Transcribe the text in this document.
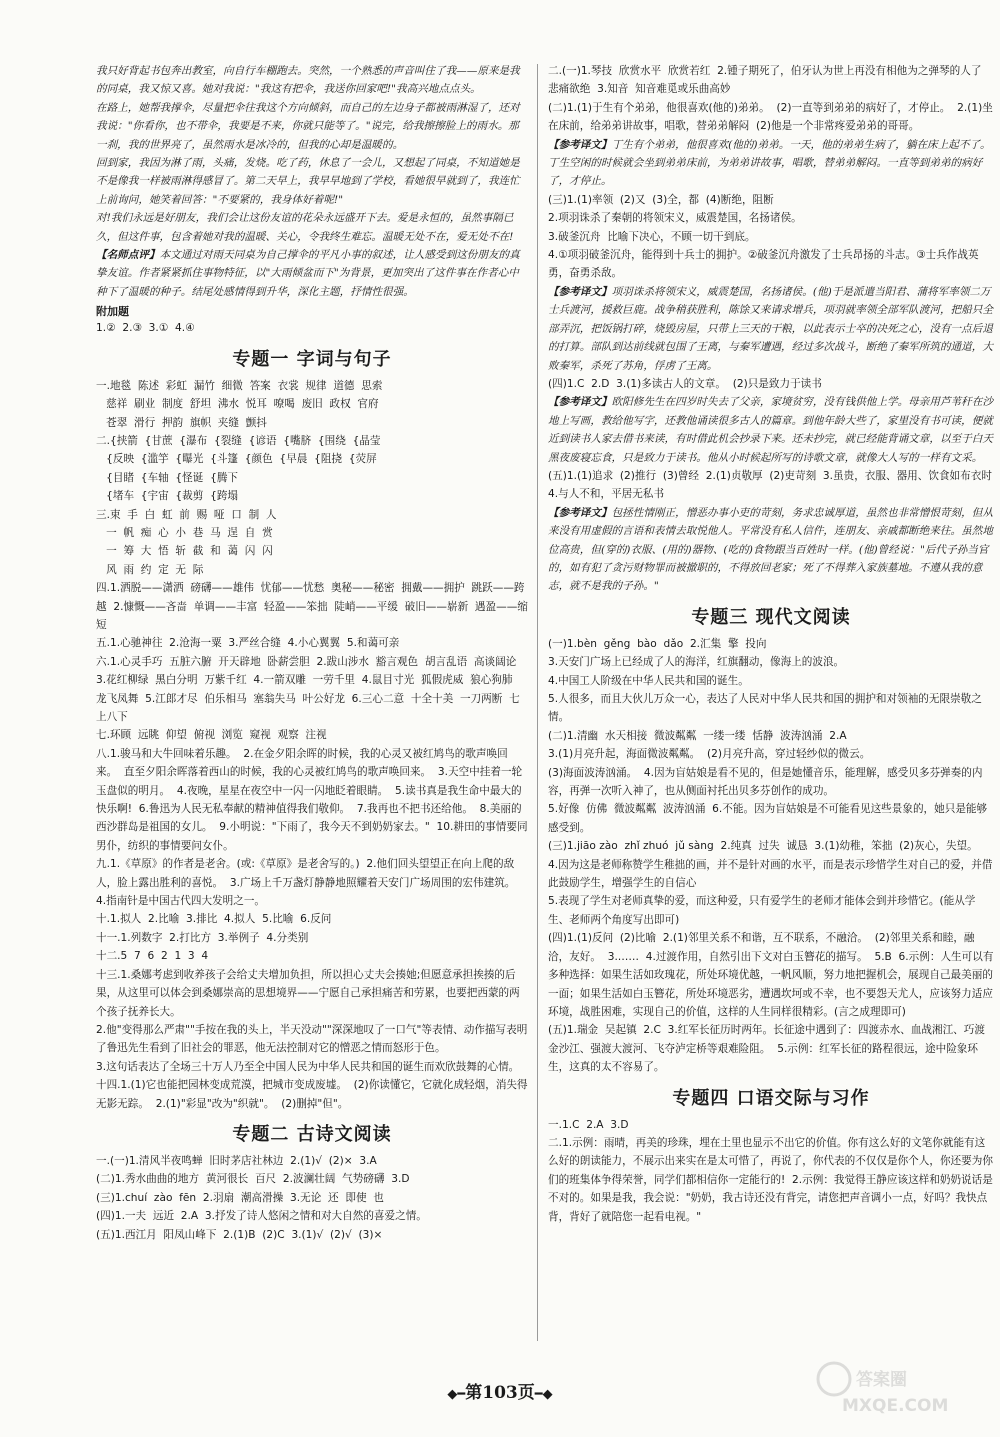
我只好背起书包奔出教室，向自行车棚跑去。突然，一个熟悉的声音叫住了我——原来是我的同桌，我又惊又喜。她对我说："我这有把伞，我送你回家吧!"我高兴地点点头。

在路上，她帮我撑伞，尽量把伞往我这个方向倾斜，而自己的左边身子都被雨淋湿了，还对我说："你看你，也不带伞，我要是不来，你就只能等了。"说完，给我擦擦脸上的雨水。那一刹，我的世界亮了，虽然雨水是冰冷的，但我的心却是温暖的。

回到家，我因为淋了雨，头痛，发烧。吃了药，休息了一会儿，又想起了同桌，不知道她是不是像我一样被雨淋得感冒了。第二天早上，我早早地到了学校，看她很早就到了，我连忙上前询问，她笑着回答："不要紧的，我身体好着呢!"

对!我们永远是好朋友，我们会让这份友谊的花朵永远盛开下去。爱是永恒的，虽然事隔已久，但这件事，包含着她对我的温暖、关心，令我终生难忘。温暖无处不在，爱无处不在!

【名师点评】本文通过对雨天同桌为自己撑伞的平凡小事的叙述，让人感受到这份朋友的真挚友谊。作者紧紧抓住事物特征，以"大雨倾盆而下"为背景，更加突出了这件事在作者心中种下了温暖的种子。结尾处感情得到升华，深化主题，抒情性很强。

附加题

1.②  2.③  3.①  4.④

专题一 字词与句子

一.地毯  陈述  彩虹  漏竹  细微  答案  衣裳  规律  道德  思索

慈祥  刷业  制度  舒坦  沸水  悦耳  嘹喝  废旧  政权  官府

苍翠  滑行  押韵  旗帜  夹缝  颤抖

二.{挟箭  {甘蔗  {瀑布  {裂缝  {谚语  {嘴脐  {围绕  {晶莹

{反映  {滥竽  {曝光  {斗篷  {颜色  {早晨  {阻挠  {荧屏

{目睹  {车轴  {怪诞  {腾下

{堵车  {宇宙  {裁剪  {跨塌

三.束  手  白  虹  前  赐  哑  口  制  人

一  帆  痴  心  小  巷  马  逞  自  赏

一  筹  大  悟  斩  截  和  蔼  闪  闪

风  雨  约  定  无  际

四.1.洒脱——潇洒  磅礴——雄伟  忧郁——忧愁  奥秘——秘密  拥戴——拥护  跳跃——跨越  2.慷慨——吝啬  单调——丰富  轻盈——笨拙  陡峭——平缓  破旧——崭新  遇盈——缩短

五.1.心驰神往  2.沧海一粟  3.严丝合缝  4.小心翼翼  5.和蔼可亲

六.1.心灵手巧  五脏六腑  开天辟地  卧薪尝胆  2.跋山涉水  豁言观色  胡言乱语  高谈阔论  3.花红柳绿  黑白分明  万紫千红  4.一箭双雕  一劳千里  4.鼠目寸光  狐假虎威  狼心狗肺  龙飞凤舞  5.江郎才尽  伯乐相马  塞翁失马  叶公好龙  6.三心二意  十全十美  一刀两断  七上八下

七.环顾  远眺  仰望  俯视  浏览  窥视  观察  注视

八.1.骏马和大牛回味着乐趣。  2.在金夕阳余晖的时候，我的心灵又被红鸠鸟的歌声唤回来。  直至夕阳余晖落着西山的时候，我的心灵被红鸠鸟的歌声唤回来。  3.天空中挂着一轮玉盘似的明月。  4.夜晚，星星在夜空中一闪一闪地眨着眼睛。  5.读书真是我生命中最大的快乐啊!  6.鲁迅为人民无私奉献的精神值得我们敬仰。  7.我再也不把书还给他。  8.美丽的西沙群岛是祖国的女儿。  9.小明说："下雨了，我今天不到奶奶家去。"  10.耕田的事情要同男仆，纺织的事情要问女仆。

九.1.《草原》的作者是老舍。(或:《草原》是老舍写的。)  2.他们回头望望正在向上爬的敌人，脸上露出胜利的喜悦。  3.广场上千万盏灯静静地照耀着天安门广场周围的宏伟建筑。  4.指南针是中国古代四大发明之一。

十.1.拟人  2.比喻  3.排比  4.拟人  5.比喻  6.反问

十一.1.列数字  2.打比方  3.举例子  4.分类别

十二.5  7  6  2  1  3  4

十三.1.桑娜考虑到收养孩子会给丈夫增加负担，所以担心丈夫会揍她;但愿意承担挨揍的后果，从这里可以体会到桑娜崇高的思想境界——宁愿自己承担痛苦和劳累，也要把西蒙的两个孩子抚养长大。

2.他"变得那么严肃""手按在我的头上，半天没动""深深地叹了一口气"等表情、动作描写表明了鲁迅先生看到了旧社会的罪恶，他无法控制对它的憎恶之情而怒形于色。

3.这句话表达了全场三十万人乃至全中国人民为中华人民共和国的诞生而欢欣鼓舞的心情。

十四.1.(1)它也能把园林变成荒漠，把城市变成废墟。  (2)你读懂它，它就化成轻烟，消失得无影无踪。  2.(1)"彩显"改为"织就"。  (2)删掉"但"。

专题二 古诗文阅读

一.(一)1.清风半夜鸣蝉  旧时茅店社林边  2.(1)√  (2)×  3.A

(二)1.秀水曲曲的地方  黄河很长  百尺  2.波澜壮阔  气势磅礴  3.D

(三)1.chuí  zào  fēn  2.羽扇  潮高滑操  3.无论  还  即使  也

(四)1.一夫  远近  2.A  3.抒发了诗人悠闲之情和对大自然的喜爱之情。

(五)1.西江月  阳凤山峰下  2.(1)B  (2)C  3.(1)√  (2)√  (3)×

二.(一)1.琴技  欣赏水平  欣赏若红  2.锺子期死了，伯牙认为世上再没有相他为之弹琴的人了  悲痛欲绝  3.知音  知音难觅或乐曲高妙

(二)1.(1)于生有个弟弟，他很喜欢(他的)弟弟。  (2)一直等到弟弟的病好了，才停止。  2.(1)坐在床前，给弟弟讲故事，唱歌，替弟弟解闷  (2)他是一个非常疼爱弟弟的哥哥。

【参考译文】丁生有个弟弟，他很喜欢(他的)弟弟。一天，他的弟弟生病了，躺在床上起不了。丁生空闲的时候就会坐到弟弟床前，为弟弟讲故事，唱歌，替弟弟解闷。一直等到弟弟的病好了，才停止。

(三)1.(1)率领  (2)又  (3)全，都  (4)断绝，阻断

2.项羽诛杀了秦朝的将领宋义，威震楚国，名扬诸侯。

3.破釜沉舟  比喻下决心，不顾一切干到底。

4.①项羽破釜沉舟，能得到十兵士的拥护。②破釜沉舟激发了士兵昂扬的斗志。③士兵作战英勇，奋勇杀敌。

【参考译文】项羽诛杀将领宋义，威震楚国，名扬诸侯。(他)于是派遣当阳君、蒲将军率领二万士兵渡河，援救巨鹿。战争稍获胜利，陈馀又来请求增兵，项羽就率领全部军队渡河，把船只全部弄沉，把饭锅打碎，烧毁房屋，只带上三天的干粮，以此表示士卒的决死之心，没有一点后退的打算。部队到达前线就包围了王离，与秦军遭遇，经过多次战斗，断绝了秦军所筑的通道，大败秦军，杀死了苏角，俘虏了王离。

(四)1.C  2.D  3.(1)多读古人的文章。  (2)只是致力于读书

【参考译文】欧阳修先生在四岁时失去了父亲，家境贫穷，没有钱供他上学。母亲用芦苇秆在沙地上写画，教给他写字，还教他诵读很多古人的篇章。到他年龄大些了，家里没有书可读，便就近到读书人家去借书来读，有时借此机会抄录下来。还未抄完，就已经能背诵文章，以至于白天黑夜废寝忘食，只是致力于读书。他从小时候起所写的诗歌文章，就像大人写的一样有文采。

(五)1.(1)追求  (2)推行  (3)曾经  2.(1)贞敬厚  (2)吏苛刻  3.虽贵，衣服、器用、饮食如布衣时  4.与人不和，平居无私书

【参考译文】包拯性情刚正，憎恶办事小吏的苛刻，务求忠诚厚道，虽然也非常憎恨苛刻，但从来没有用虚假的言语和表情去取悦他人。平常没有私人信件，连朋友、亲戚都断绝来往。虽然地位高贵，但(穿的)衣服、(用的)器物、(吃的)食物跟当百姓时一样。(他)曾经说："后代子孙当官的，如有犯了贪污财物罪而被撤职的，不得放回老家；死了不得葬入家族墓地。不遵从我的意志，就不是我的子孙。"

专题三 现代文阅读

(一)1.bèn  gěng  bào  dǎo  2.汇集  擎  投向

3.天安门广场上已经成了人的海洋，红旗翻动，像海上的波浪。

4.中国工人阶级在中华人民共和国的诞生。

5.人很多，而且大伙儿万众一心，表达了人民对中华人民共和国的拥护和对领袖的无限崇敬之情。

(二)1.清幽  水天相接  微波粼粼  一缕一缕  恬静  波涛汹涌  2.A

3.(1)月亮升起，海面微波粼粼。  (2)月亮升高，穿过轻纱似的微云。

(3)海面波涛汹涌。  4.因为盲姑娘是看不见的，但是她懂音乐，能理解，感受贝多芬弹奏的内容，再弹一次听入神了，也从侧面衬托出贝多芬创作的成功。

5.好像  仿佛  微波粼粼  波涛汹涌  6.不能。因为盲姑娘是不可能看见这些景象的，她只是能够感受到。

(三)1.jiāo zào  zhǐ zhuó  jǔ sàng  2.纯真  过失  诚恳  3.(1)幼稚，笨拙  (2)灰心，失望。  4.因为这是老师称赞学生稚拙的画，并不是针对画的水平，而是表示珍惜学生对自己的爱，并借此鼓励学生，增强学生的自信心

5.表现了学生对老师真挚的爱，而这种爱，只有爱学生的老师才能体会到并珍惜它。(能从学生、老师两个角度写出即可)

(四)1.(1)反问  (2)比喻  2.(1)邻里关系不和谐，互不联系，不融洽。  (2)邻里关系和睦，融洽，友好。  3.……  4.过渡作用，自然引出下文对白玉簪花的描写。  5.B  6.示例：人生可以有多种选择：如果生活如玫瑰花，所处环境优越，一帆风顺，努力地把握机会，展现自己最美丽的一面；如果生活如白玉簪花，所处环境恶劣，遭遇坎坷或不幸，也不要怨天尤人，应该努力适应环境，战胜困难，实现自己的价值，这样的人生同样很精彩。(言之成理即可)

(五)1.瑞金  吴起镇  2.C  3.红军长征历时两年。长征途中遇到了：四渡赤水、血战湘江、巧渡金沙江、强渡大渡河、飞夺泸定桥等艰难险阻。  5.示例：红军长征的路程很远，途中险象环生，这真的太不容易了。

专题四 口语交际与习作

一.1.C  2.A  3.D

二.1.示例：雨晴，再美的珍珠，埋在土里也显示不出它的价值。你有这么好的文笔你就能有这么好的朗读能力，不展示出来实在是太可惜了，再说了，你代表的不仅仅是你个人，你还要为你们的班集体争得荣誉，同学们都相信你一定能行的!  2.示例：我觉得王静应该这样和奶奶说话是不对的。如果是我，我会说："奶奶，我古诗还没有背完，请您把声音调小一点，好吗？我快点背，背好了就陪您一起看电视。"

◆━第103页━◆
答案圈
MXQE.COM
